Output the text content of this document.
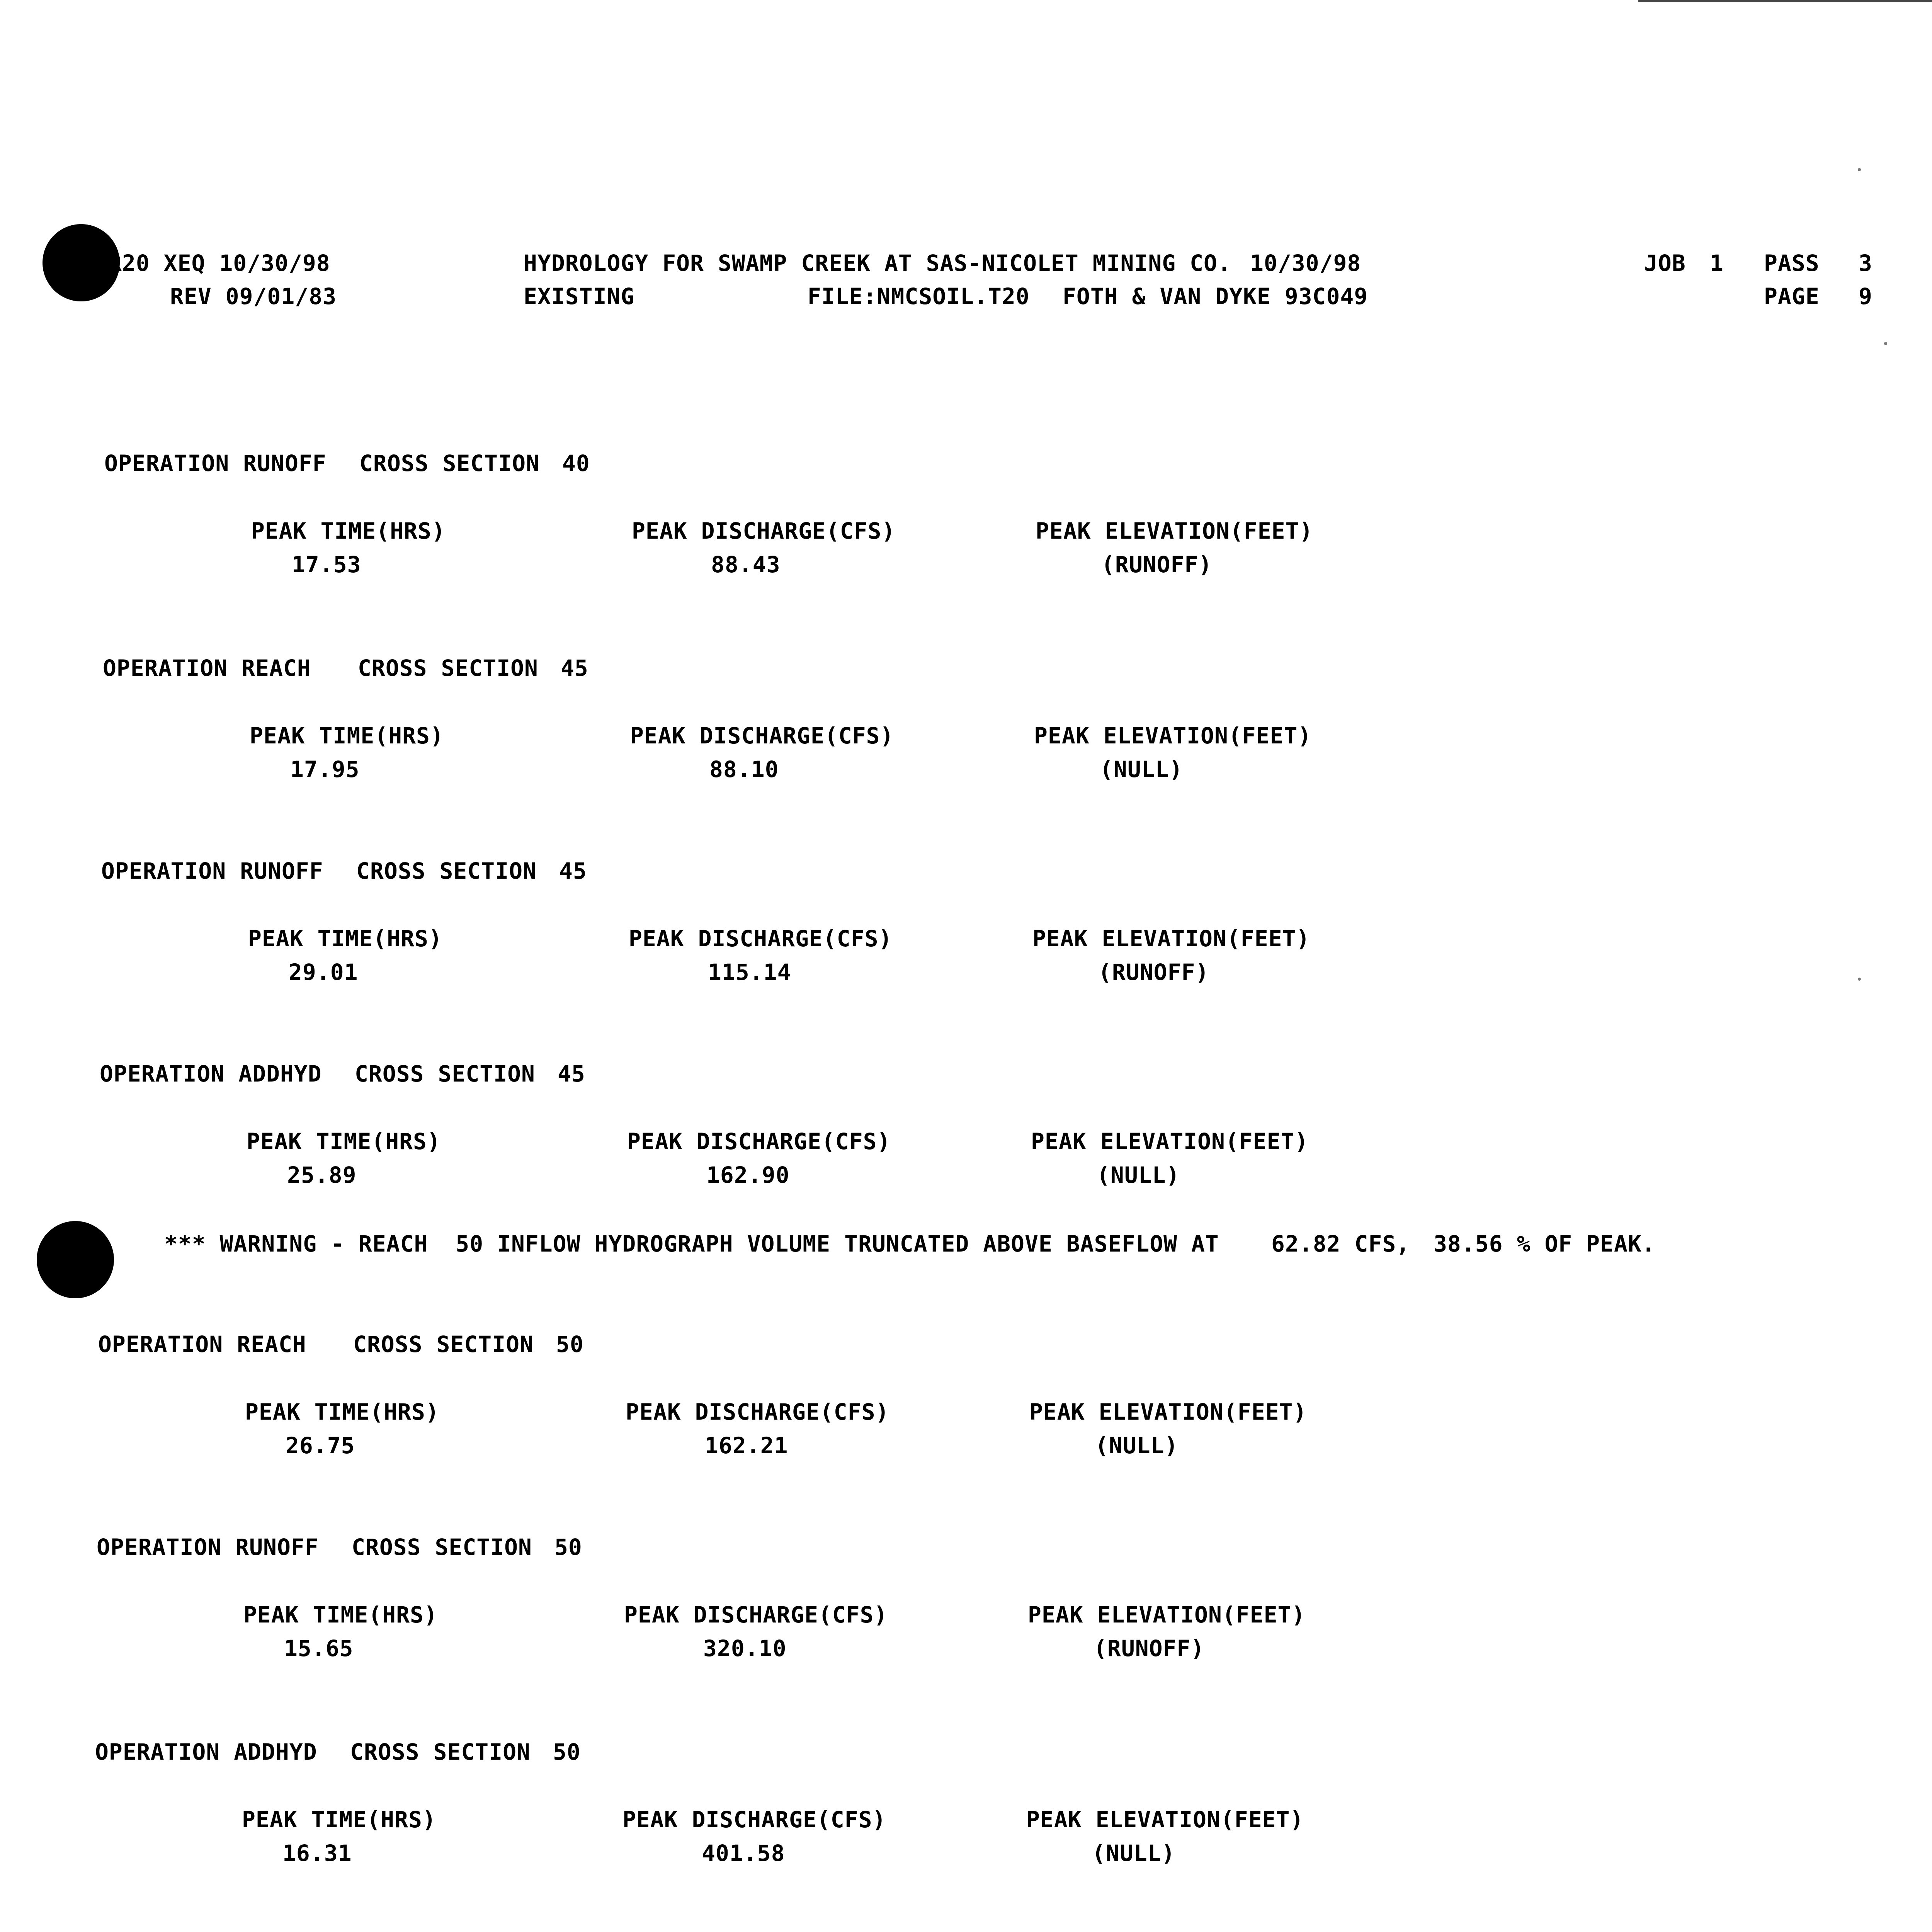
R20 XEQ 10/30/98
REV 09/01/83
HYDROLOGY FOR SWAMP CREEK AT SAS-NICOLET MINING CO. 10/30/98
EXISTING	FILE:NMCSOIL.T20 FOTH & VAN DYKE 93C049
JOB 1 PASS 3
PAGE 9
OPERATION RUNOFF CROSS SECTION 40
PEAK TIME(HRS)	PEAK DISCHARGE(CFS)	PEAK ELEVATION(FEET)
17.53	88.43	(RUNOFF)
OPERATION REACH CROSS SECTION 45
PEAK TIME(HRS)	PEAK DISCHARGE(CFS)	PEAK ELEVATION(FEET)
17.95	88.10	(NULL)
OPERATION RUNOFF CROSS SECTION 45
PEAK TIME(HRS)	PEAK DISCHARGE(CFS)	PEAK ELEVATION(FEET)
29.01	115.14	(RUNOFF)
OPERATION ADDHYD CROSS SECTION 45
PEAK TIME(HRS)	PEAK DISCHARGE(CFS)	PEAK ELEVATION(FEET)
25.89	162.90	(NULL)
OPERATION REACH CROSS SECTION 50
PEAK TIME(HRS)	PEAK DISCHARGE(CFS)	PEAK ELEVATION(FEET)
26.75	162.21	(NULL)
OPERATION RUNOFF CROSS SECTION 50
PEAK TIME(HRS)	PEAK DISCHARGE(CFS)	PEAK ELEVATION(FEET)
15.65	320.10	(RUNOFF)
OPERATION ADDHYD CROSS SECTION 50
PEAK TIME(HRS)	PEAK DISCHARGE(CFS)	PEAK ELEVATION(FEET)
16.31	401.58	(NULL)
*** WARNING - REACH  50 INFLOW HYDROGRAPH VOLUME TRUNCATED ABOVE BASEFLOW AT 62.82 CFS, 38.56 % OF PEAK.
